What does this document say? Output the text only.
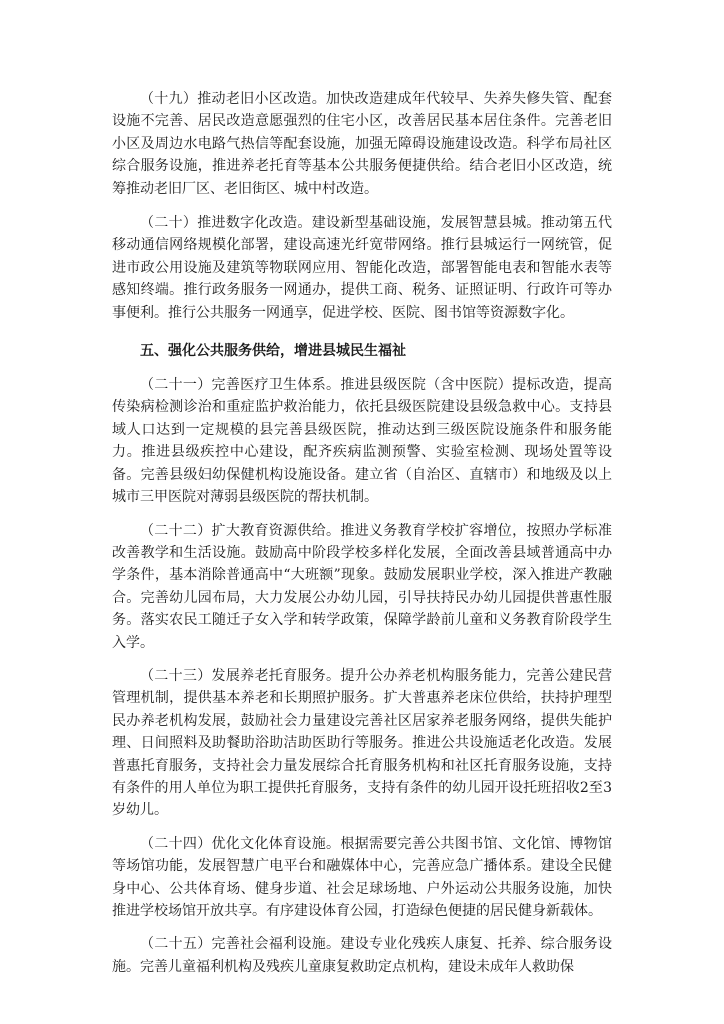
（十九）推动老旧小区改造。加快改造建成年代较早、失养失修失管、配套设施不完善、居民改造意愿强烈的住宅小区，改善居民基本居住条件。完善老旧小区及周边水电路气热信等配套设施，加强无障碍设施建设改造。科学布局社区综合服务设施，推进养老托育等基本公共服务便捷供给。结合老旧小区改造，统筹推动老旧厂区、老旧街区、城中村改造。

（二十）推进数字化改造。建设新型基础设施，发展智慧县城。推动第五代移动通信网络规模化部署，建设高速光纤宽带网络。推行县城运行一网统管，促进市政公用设施及建筑等物联网应用、智能化改造，部署智能电表和智能水表等感知终端。推行政务服务一网通办，提供工商、税务、证照证明、行政许可等办事便利。推行公共服务一网通享，促进学校、医院、图书馆等资源数字化。

五、强化公共服务供给，增进县城民生福祉

（二十一）完善医疗卫生体系。推进县级医院（含中医院）提标改造，提高传染病检测诊治和重症监护救治能力，依托县级医院建设县级急救中心。支持县域人口达到一定规模的县完善县级医院，推动达到三级医院设施条件和服务能力。推进县级疾控中心建设，配齐疾病监测预警、实验室检测、现场处置等设备。完善县级妇幼保健机构设施设备。建立省（自治区、直辖市）和地级及以上城市三甲医院对薄弱县级医院的帮扶机制。

（二十二）扩大教育资源供给。推进义务教育学校扩容增位，按照办学标准改善教学和生活设施。鼓励高中阶段学校多样化发展，全面改善县域普通高中办学条件，基本消除普通高中“大班额”现象。鼓励发展职业学校，深入推进产教融合。完善幼儿园布局，大力发展公办幼儿园，引导扶持民办幼儿园提供普惠性服务。落实农民工随迁子女入学和转学政策，保障学龄前儿童和义务教育阶段学生入学。

（二十三）发展养老托育服务。提升公办养老机构服务能力，完善公建民营管理机制，提供基本养老和长期照护服务。扩大普惠养老床位供给，扶持护理型民办养老机构发展，鼓励社会力量建设完善社区居家养老服务网络，提供失能护理、日间照料及助餐助浴助洁助医助行等服务。推进公共设施适老化改造。发展普惠托育服务，支持社会力量发展综合托育服务机构和社区托育服务设施，支持有条件的用人单位为职工提供托育服务，支持有条件的幼儿园开设托班招收2至3岁幼儿。

（二十四）优化文化体育设施。根据需要完善公共图书馆、文化馆、博物馆等场馆功能，发展智慧广电平台和融媒体中心，完善应急广播体系。建设全民健身中心、公共体育场、健身步道、社会足球场地、户外运动公共服务设施，加快推进学校场馆开放共享。有序建设体育公园，打造绿色便捷的居民健身新载体。

（二十五）完善社会福利设施。建设专业化残疾人康复、托养、综合服务设施。完善儿童福利机构及残疾儿童康复救助定点机构，建设未成年人救助保
